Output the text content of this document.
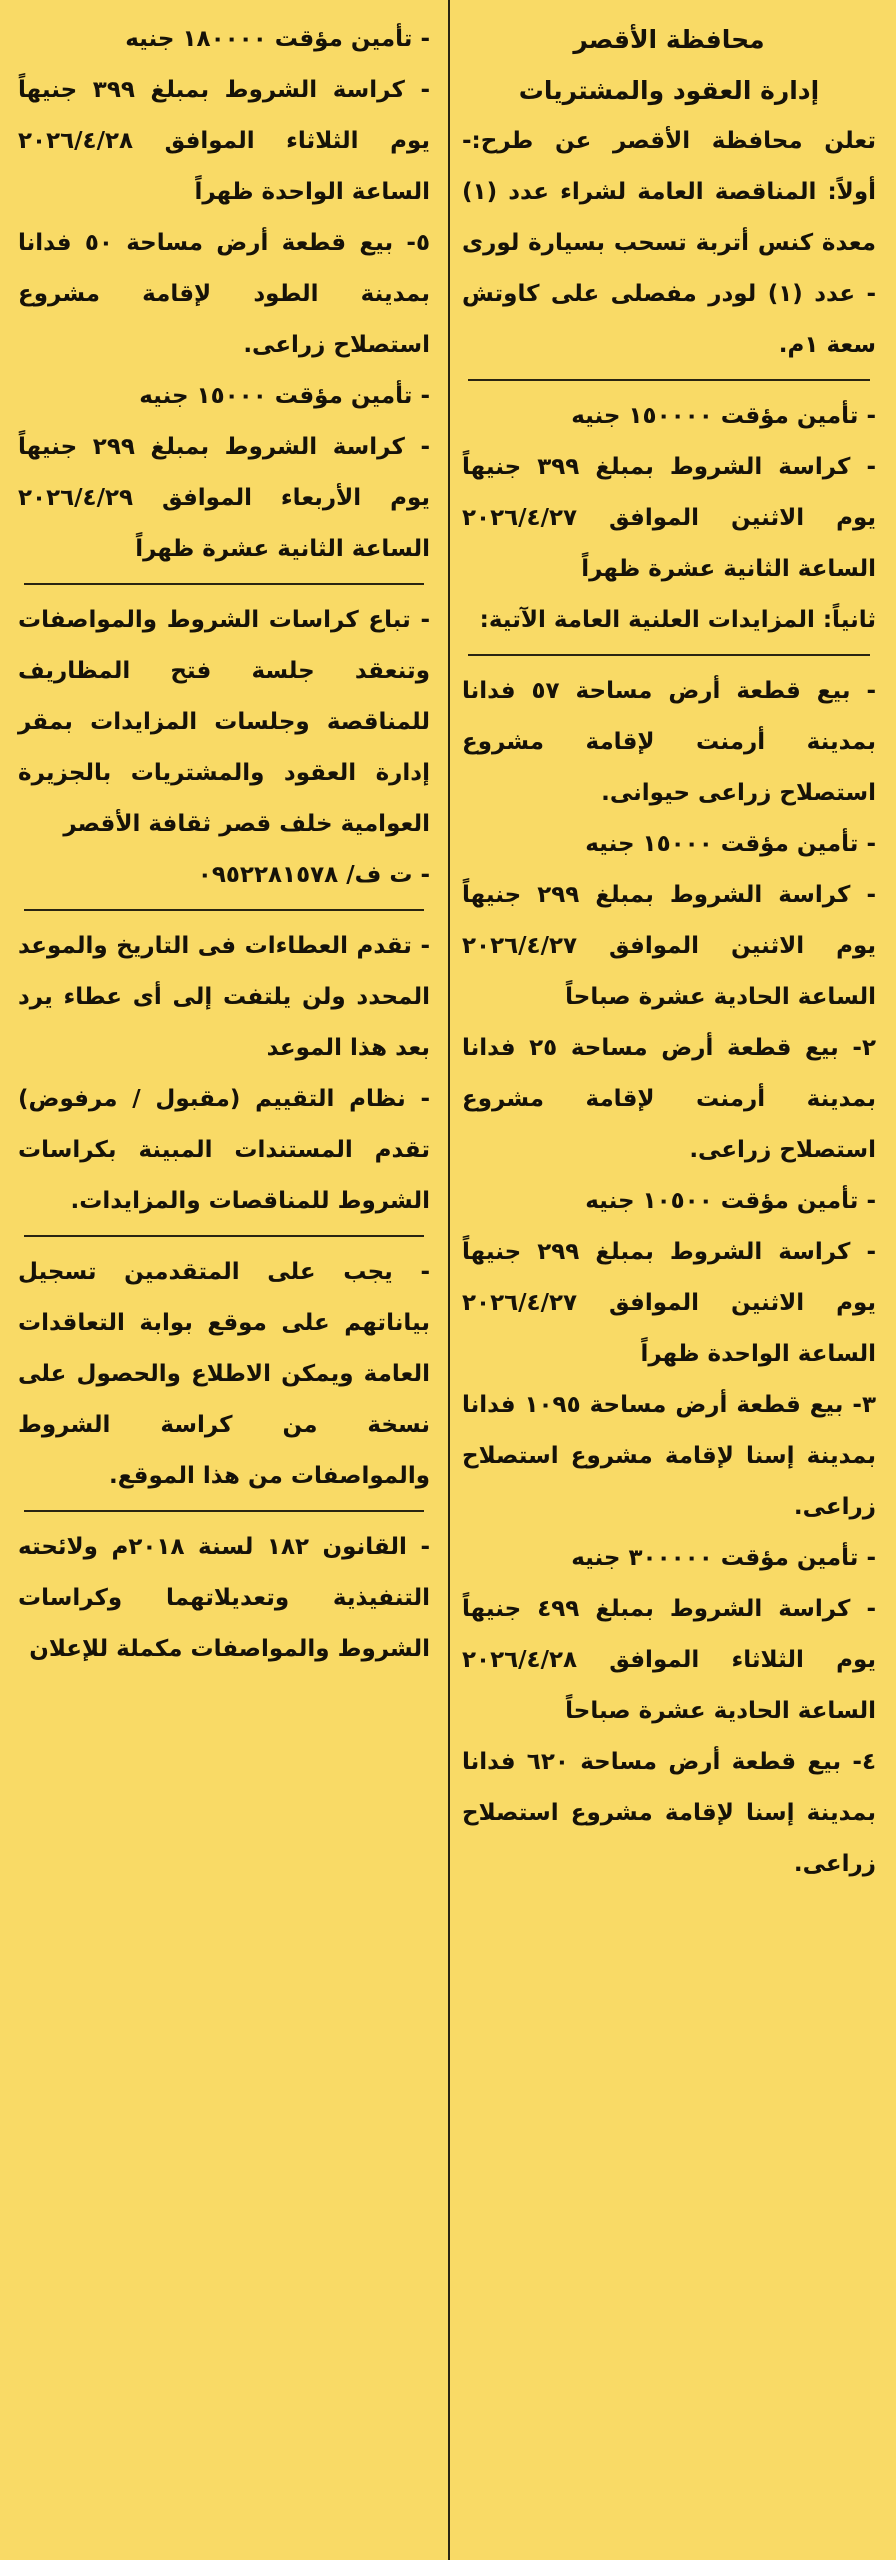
محافظة الأقصر

إدارة العقود والمشتريات

تعلن محافظة الأقصر عن طرح:- أولاً: المناقصة العامة لشراء عدد (١) معدة كنس أتربة تسحب بسيارة لورى - عدد (١) لودر مفصلى على كاوتش سعة ١م.

- تأمين مؤقت ١٥٠٠٠٠ جنيه

- كراسة الشروط بمبلغ ٣٩٩ جنيهاً يوم الاثنين الموافق ٢٠٢٦/٤/٢٧ الساعة الثانية عشرة ظهراً

ثانياً: المزايدات العلنية العامة الآتية:

- بيع قطعة أرض مساحة ٥٧ فدانا بمدينة أرمنت لإقامة مشروع استصلاح زراعى حيوانى.

- تأمين مؤقت ١٥٠٠٠ جنيه

- كراسة الشروط بمبلغ ٢٩٩ جنيهاً يوم الاثنين الموافق ٢٠٢٦/٤/٢٧ الساعة الحادية عشرة صباحاً

٢- بيع قطعة أرض مساحة ٢٥ فدانا بمدينة أرمنت لإقامة مشروع استصلاح زراعى.

- تأمين مؤقت ١٠٥٠٠ جنيه

- كراسة الشروط بمبلغ ٢٩٩ جنيهاً يوم الاثنين الموافق ٢٠٢٦/٤/٢٧ الساعة الواحدة ظهراً

٣- بيع قطعة أرض مساحة ١٠٩٥ فدانا بمدينة إسنا لإقامة مشروع استصلاح زراعى.

- تأمين مؤقت ٣٠٠٠٠٠ جنيه

- كراسة الشروط بمبلغ ٤٩٩ جنيهاً يوم الثلاثاء الموافق ٢٠٢٦/٤/٢٨ الساعة الحادية عشرة صباحاً

٤- بيع قطعة أرض مساحة ٦٢٠ فدانا بمدينة إسنا لإقامة مشروع استصلاح زراعى.

- تأمين مؤقت ١٨٠٠٠٠ جنيه

- كراسة الشروط بمبلغ ٣٩٩ جنيهاً يوم الثلاثاء الموافق ٢٠٢٦/٤/٢٨ الساعة الواحدة ظهراً

٥- بيع قطعة أرض مساحة ٥٠ فدانا بمدينة الطود لإقامة مشروع استصلاح زراعى.

- تأمين مؤقت ١٥٠٠٠ جنيه

- كراسة الشروط بمبلغ ٢٩٩ جنيهاً يوم الأربعاء الموافق ٢٠٢٦/٤/٢٩ الساعة الثانية عشرة ظهراً

- تباع كراسات الشروط والمواصفات وتنعقد جلسة فتح المظاريف للمناقصة وجلسات المزايدات بمقر إدارة العقود والمشتريات بالجزيرة العوامية خلف قصر ثقافة الأقصر

- ت ف/ ٠٩٥٢٢٨١٥٧٨

- تقدم العطاءات فى التاريخ والموعد المحدد ولن يلتفت إلى أى عطاء يرد بعد هذا الموعد

- نظام التقييم (مقبول / مرفوض) تقدم المستندات المبينة بكراسات الشروط للمناقصات والمزايدات.

- يجب على المتقدمين تسجيل بياناتهم على موقع بوابة التعاقدات العامة ويمكن الاطلاع والحصول على نسخة من كراسة الشروط والمواصفات من هذا الموقع.

- القانون ١٨٢ لسنة ٢٠١٨م ولائحته التنفيذية وتعديلاتهما وكراسات الشروط والمواصفات مكملة للإعلان
